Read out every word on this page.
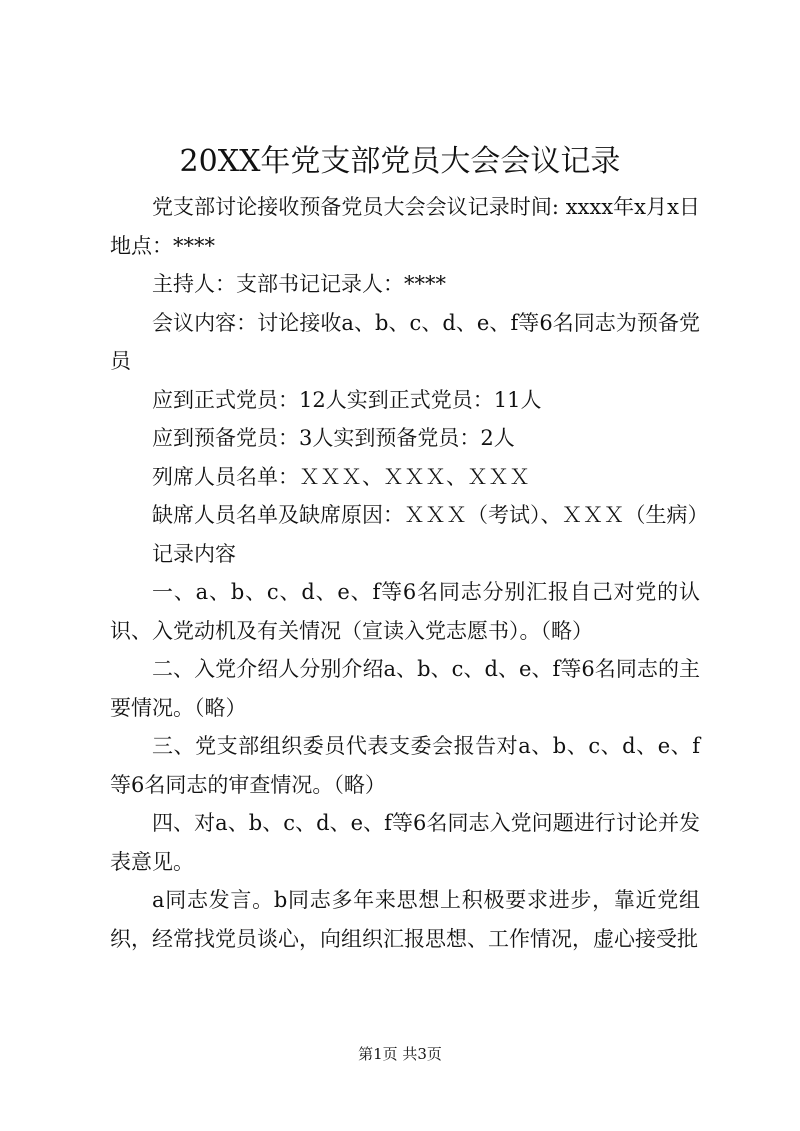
20XX年党支部党员大会会议记录

党支部讨论接收预备党员大会会议记录时间: xxxx年x月x日地点：****

主持人：支部书记记录人：****

会议内容：讨论接收a、b、c、d、e、f等6名同志为预备党员

应到正式党员：12人实到正式党员：11人

应到预备党员：3人实到预备党员：2人

列席人员名单：ＸＸＸ、ＸＸＸ、ＸＸＸ

缺席人员名单及缺席原因：ＸＸＸ（考试）、ＸＸＸ（生病）

记录内容

一、a、b、c、d、e、f等6名同志分别汇报自己对党的认识、入党动机及有关情况（宣读入党志愿书）。（略）

二、入党介绍人分别介绍a、b、c、d、e、f等6名同志的主要情况。（略）

三、党支部组织委员代表支委会报告对a、b、c、d、e、f等6名同志的审查情况。（略）

四、对a、b、c、d、e、f等6名同志入党问题进行讨论并发表意见。

a同志发言。b同志多年来思想上积极要求进步，靠近党组织，经常找党员谈心，向组织汇报思想、工作情况，虚心接受批

第1页 共3页
